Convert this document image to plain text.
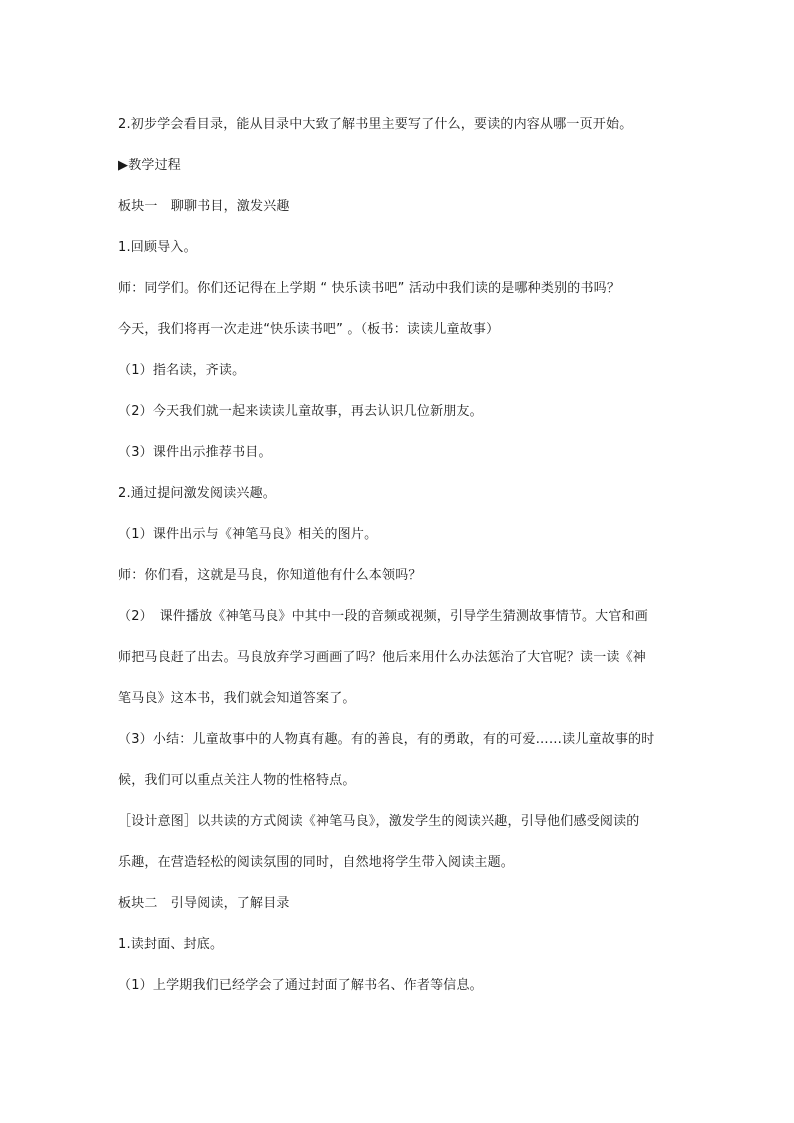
2.初步学会看目录，能从目录中大致了解书里主要写了什么，要读的内容从哪一页开始。
▶教学过程
板块一　聊聊书目，激发兴趣
1.回顾导入。
师：同学们。你们还记得在上学期 “ 快乐读书吧” 活动中我们读的是哪种类别的书吗？
今天，我们将再一次走进“快乐读书吧” 。（板书：读读儿童故事）
（1）指名读，齐读。
（2）今天我们就一起来读读儿童故事，再去认识几位新朋友。
（3）课件出示推荐书目。
2.通过提问激发阅读兴趣。
（1）课件出示与《神笔马良》相关的图片。
师：你们看，这就是马良，你知道他有什么本领吗？
（2）　课件播放《神笔马良》中其中一段的音频或视频，引导学生猜测故事情节。大官和画
师把马良赶了出去。马良放弃学习画画了吗？他后来用什么办法惩治了大官呢？读一读《神
笔马良》这本书，我们就会知道答案了。
（3）小结：儿童故事中的人物真有趣。有的善良，有的勇敢，有的可爱……读儿童故事的时
候，我们可以重点关注人物的性格特点。
［设计意图］以共读的方式阅读《神笔马良》，激发学生的阅读兴趣，引导他们感受阅读的
乐趣，在营造轻松的阅读氛围的同时，自然地将学生带入阅读主题。
板块二　引导阅读，了解目录
1.读封面、封底。
（1）上学期我们已经学会了通过封面了解书名、作者等信息。
